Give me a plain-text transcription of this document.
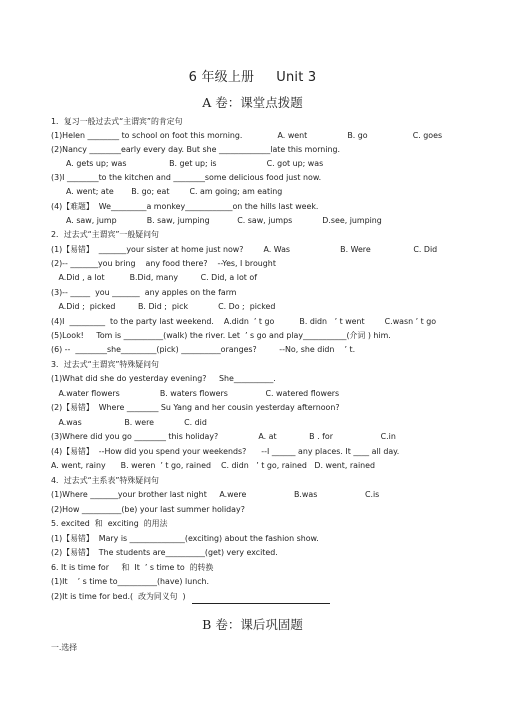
6 年级上册 Unit 3
A 卷：课堂点拨题
1．复习一般过去式“主谓宾”的肯定句
(1)Helen ________ to school on foot this morning.              A. went                B. go                  C. goes
(2)Nancy ________early every day. But she _____________late this morning.
A. gets up; was                 B. get up; is                    C. got up; was
(3)I ________to the kitchen and ________some delicious food just now.
A. went; ate       B. go; eat        C. am going; am eating
(4)【难题】  We_________a monkey____________on the hills last week.
A. saw, jump            B. saw, jumping           C. saw, jumps            D.see, jumping
2．过去式“主谓宾”一般疑问句
(1)【易错】  _______your sister at home just now?        A. Was                    B. Were                 C. Did
(2)-- _______you bring    any food there?    --Yes, I brought
A.Did , a lot          B.Did, many         C. Did, a lot of
(3)-- _____  you _______  any apples on the farm
A.Did ;  picked         B. Did ;  pick            C. Do ;  picked
(4)I  _________  to the party last weekend.    A.didn  ’ t go          B. didn   ’ t went        C.wasn ’ t go
(5)Look!     Tom is __________(walk) the river. Let  ’ s go and play___________(介词 ) him.
(6) --  ________she_________(pick) __________oranges?         --No, she didn    ’ t.
3．过去式“主谓宾”特殊疑问句
(1)What did she do yesterday evening?     She__________.
A.water flowers                B. waters flowers               C. watered flowers
(2)【易错】  Where ________ Su Yang and her cousin yesterday afternoon?
A.was                 B. were            C. did
(3)Where did you go ________ this holiday?                A. at             B . for                   C.in
(4)【易错】  --How did you spend your weekends?      --I ______ any places. It ____ all day.
A. went, rainy      B. weren  ’ t go, rained    C. didn   ’ t go, rained   D. went, rained
4．过去式“主系表”特殊疑问句
(1)Where _______your brother last night     A.were                   B.was                   C.is
(2)How __________(be) your last summer holiday?
5. excited  和  exciting  的用法
(1)【易错】  Mary is ______________(exciting) about the fashion show.
(2)【易错】  The students are__________(get) very excited.
6. It is time for     和  It  ’ s time to  的转换
(1)It    ’ s time to__________(have) lunch.
(2)It is time for bed.(  改为同义句  )
B 卷：课后巩固题
一.选择
